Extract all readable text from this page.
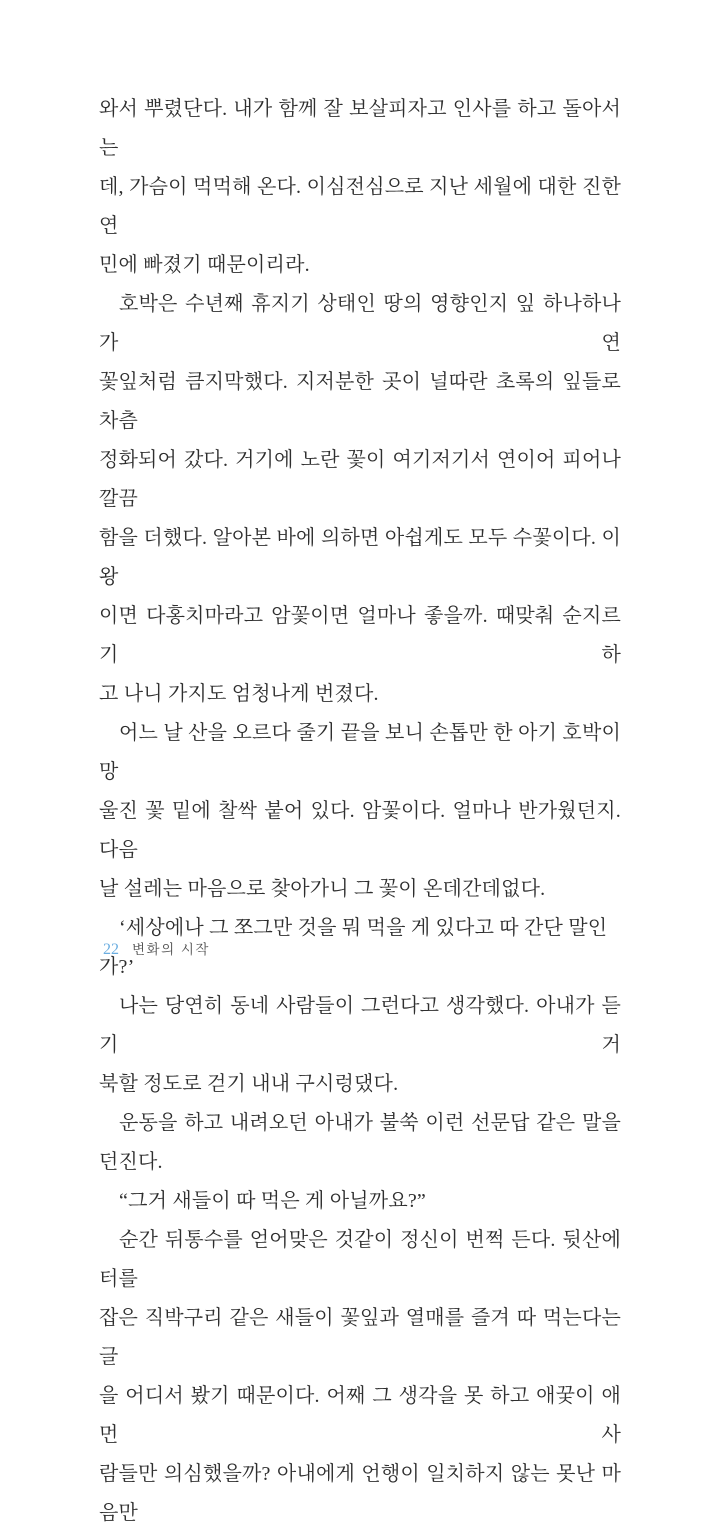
와서 뿌렸단다. 내가 함께 잘 보살피자고 인사를 하고 돌아서는
데, 가슴이 먹먹해 온다. 이심전심으로 지난 세월에 대한 진한 연
민에 빠졌기 때문이리라.
호박은 수년째 휴지기 상태인 땅의 영향인지 잎 하나하나가 연
꽃잎처럼 큼지막했다. 지저분한 곳이 널따란 초록의 잎들로 차츰
정화되어 갔다. 거기에 노란 꽃이 여기저기서 연이어 피어나 깔끔
함을 더했다. 알아본 바에 의하면 아쉽게도 모두 수꽃이다. 이왕
이면 다홍치마라고 암꽃이면 얼마나 좋을까. 때맞춰 순지르기 하
고 나니 가지도 엄청나게 번졌다.
어느 날 산을 오르다 줄기 끝을 보니 손톱만 한 아기 호박이 망
울진 꽃 밑에 찰싹 붙어 있다. 암꽃이다. 얼마나 반가웠던지. 다음
날 설레는 마음으로 찾아가니 그 꽃이 온데간데없다.
‘세상에나 그 쪼그만 것을 뭐 먹을 게 있다고 따 간단 말인가?’
나는 당연히 동네 사람들이 그런다고 생각했다. 아내가 듣기 거
북할 정도로 걷기 내내 구시렁댔다.
운동을 하고 내려오던 아내가 불쑥 이런 선문답 같은 말을 던진다.
“그거 새들이 따 먹은 게 아닐까요?”
순간 뒤통수를 얻어맞은 것같이 정신이 번쩍 든다. 뒷산에 터를
잡은 직박구리 같은 새들이 꽃잎과 열매를 즐겨 따 먹는다는 글
을 어디서 봤기 때문이다. 어째 그 생각을 못 하고 애꿎이 애먼 사
람들만 의심했을까? 아내에게 언행이 일치하지 않는 못난 마음만
22 변화의 시작
